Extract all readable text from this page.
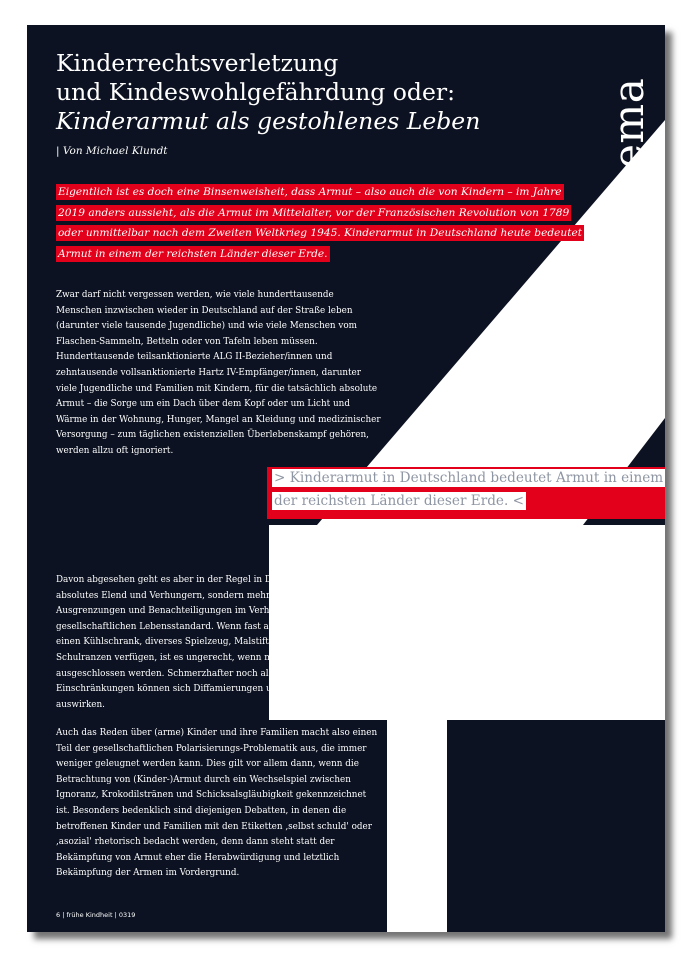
Thema
Kinderrechtsverletzung
und Kindeswohlgefährdung oder:
Kinderarmut als gestohlenes Leben
| Von Michael Klundt

Eigentlich ist es doch eine Binsenweisheit, dass Armut – also auch die von Kindern – im Jahre 2019 anders aussieht, als die Armut im Mittelalter, vor der Französischen Revolution von 1789 oder unmittelbar nach dem Zweiten Weltkrieg 1945. Kinderarmut in Deutschland heute bedeutet Armut in einem der reichsten Länder dieser Erde.

Zwar darf nicht vergessen werden, wie viele hunderttausende Menschen inzwischen wieder in Deutschland auf der Straße leben (darunter viele tausende Jugendliche) und wie viele Menschen vom Flaschen-Sammeln, Betteln oder von Tafeln leben müssen. Hunderttausende teilsanktionierte ALG II-Bezieher/innen und zehntausende vollsanktionierte Hartz IV-Empfänger/innen, darunter viele Jugendliche und Familien mit Kindern, für die tatsächlich absolute Armut – die Sorge um ein Dach über dem Kopf oder um Licht und Wärme in der Wohnung, Hunger, Mangel an Kleidung und medizinischer Versorgung – zum täglichen existenziellen Überlebenskampf gehören, werden allzu oft ignoriert.

> Kinderarmut in Deutschland bedeutet Armut in einem der reichsten Länder dieser Erde. <

Davon abgesehen geht es aber in der Regel in Deutschland weniger um absolutes Elend und Verhungern, sondern mehr um Entbehrungen, Ausgrenzungen und Benachteiligungen im Verhältnis zum allgemeinen gesellschaftlichen Lebensstandard. Wenn fast alle zum Beispiel über einen Kühlschrank, diverses Spielzeug, Malstifte oder einen Schulranzen verfügen, ist es ungerecht, wenn manche davon ausgeschlossen werden. Schmerzhafter noch als materielle Einschränkungen können sich Diffamierungen und Stigmatisierungen auswirken.

Auch das Reden über (arme) Kinder und ihre Familien macht also einen Teil der gesellschaftlichen Polarisierungs-Problematik aus, die immer weniger geleugnet werden kann. Dies gilt vor allem dann, wenn die Betrachtung von (Kinder-)Armut durch ein Wechselspiel zwischen Ignoranz, Krokodilstränen und Schicksalsgläubigkeit gekennzeichnet ist. Besonders bedenklich sind diejenigen Debatten, in denen die betroffenen Kinder und Familien mit den Etiketten ‚selbst schuld' oder ‚asozial' rhetorisch bedacht werden, denn dann steht statt der Bekämpfung von Armut eher die Herabwürdigung und letztlich Bekämpfung der Armen im Vordergrund.

6 | frühe Kindheit | 0319
